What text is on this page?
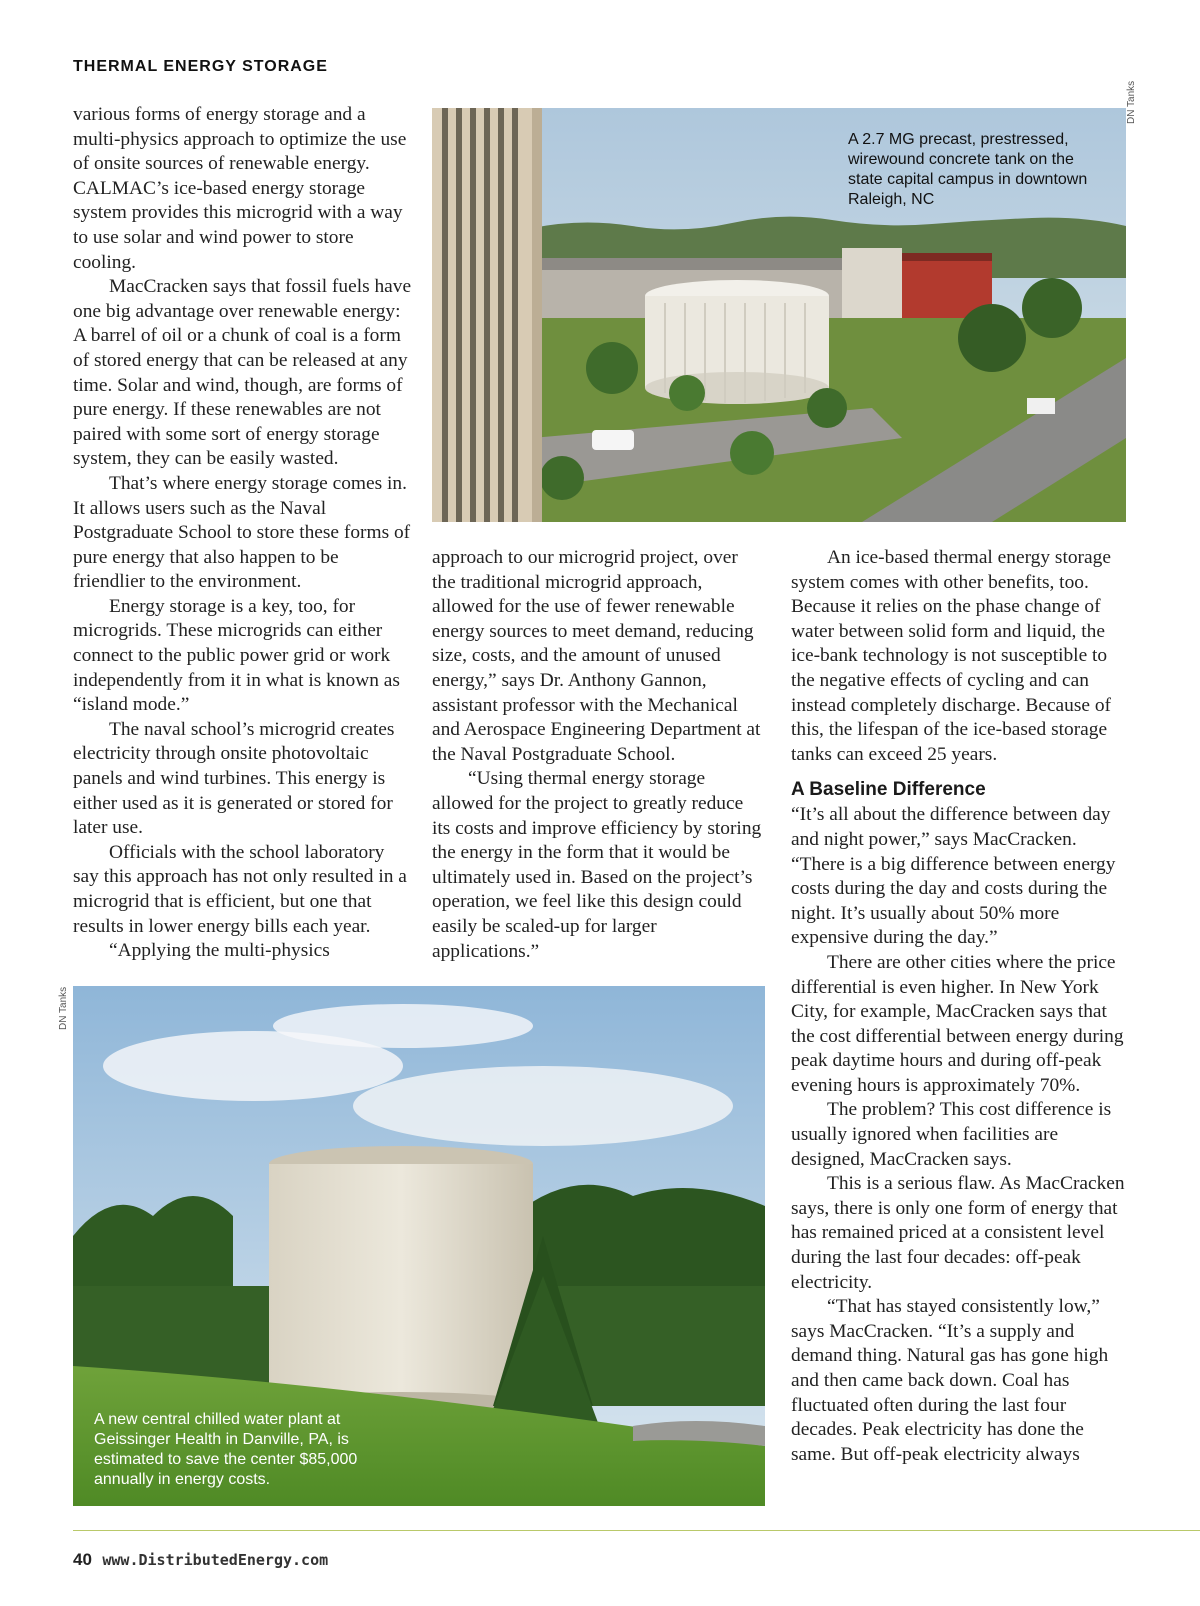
THERMAL ENERGY STORAGE

various forms of energy storage and a multi-physics approach to optimize the use of onsite sources of renewable energy. CALMAC’s ice-based energy storage system provides this microgrid with a way to use solar and wind power to store cooling.

MacCracken says that fossil fuels have one big advantage over renewable energy: A barrel of oil or a chunk of coal is a form of stored energy that can be released at any time. Solar and wind, though, are forms of pure energy. If these renewables are not paired with some sort of energy storage system, they can be easily wasted.

That’s where energy storage comes in. It allows users such as the Naval Postgraduate School to store these forms of pure energy that also happen to be friendlier to the environment.

Energy storage is a key, too, for microgrids. These microgrids can either connect to the public power grid or work independently from it in what is known as “island mode.”

The naval school’s microgrid creates electricity through onsite photovoltaic panels and wind turbines. This energy is either used as it is generated or stored for later use.

Officials with the school laboratory say this approach has not only resulted in a microgrid that is efficient, but one that results in lower energy bills each year.

“Applying the multi-physics

A 2.7 MG precast, prestressed, wirewound concrete tank on the state capital campus in downtown Raleigh, NC
DN Tanks

approach to our microgrid project, over the traditional microgrid approach, allowed for the use of fewer renewable energy sources to meet demand, reducing size, costs, and the amount of unused energy,” says Dr. Anthony Gannon, assistant professor with the Mechanical and Aerospace Engineering Department at the Naval Postgraduate School.

“Using thermal energy storage allowed for the project to greatly reduce its costs and improve efficiency by storing the energy in the form that it would be ultimately used in. Based on the project’s operation, we feel like this design could easily be scaled-up for larger applications.”

An ice-based thermal energy storage system comes with other benefits, too. Because it relies on the phase change of water between solid form and liquid, the ice-bank technology is not susceptible to the negative effects of cycling and can instead completely discharge. Because of this, the lifespan of the ice-based storage tanks can exceed 25 years.

A Baseline Difference

“It’s all about the difference between day and night power,” says MacCracken. “There is a big difference between energy costs during the day and costs during the night. It’s usually about 50% more expensive during the day.”

There are other cities where the price differential is even higher. In New York City, for example, MacCracken says that the cost differential between energy during peak daytime hours and during off-peak evening hours is approximately 70%.

The problem? This cost difference is usually ignored when facilities are designed, MacCracken says.

This is a serious flaw. As MacCracken says, there is only one form of energy that has remained priced at a consistent level during the last four decades: off-peak electricity.

“That has stayed consistently low,” says MacCracken. “It’s a supply and demand thing. Natural gas has gone high and then came back down. Coal has fluctuated often during the last four decades. Peak electricity has done the same. But off-peak electricity always

A new central chilled water plant at Geissinger Health in Danville, PA, is estimated to save the center $85,000 annually in energy costs.
DN Tanks
40 www.DistributedEnergy.com
